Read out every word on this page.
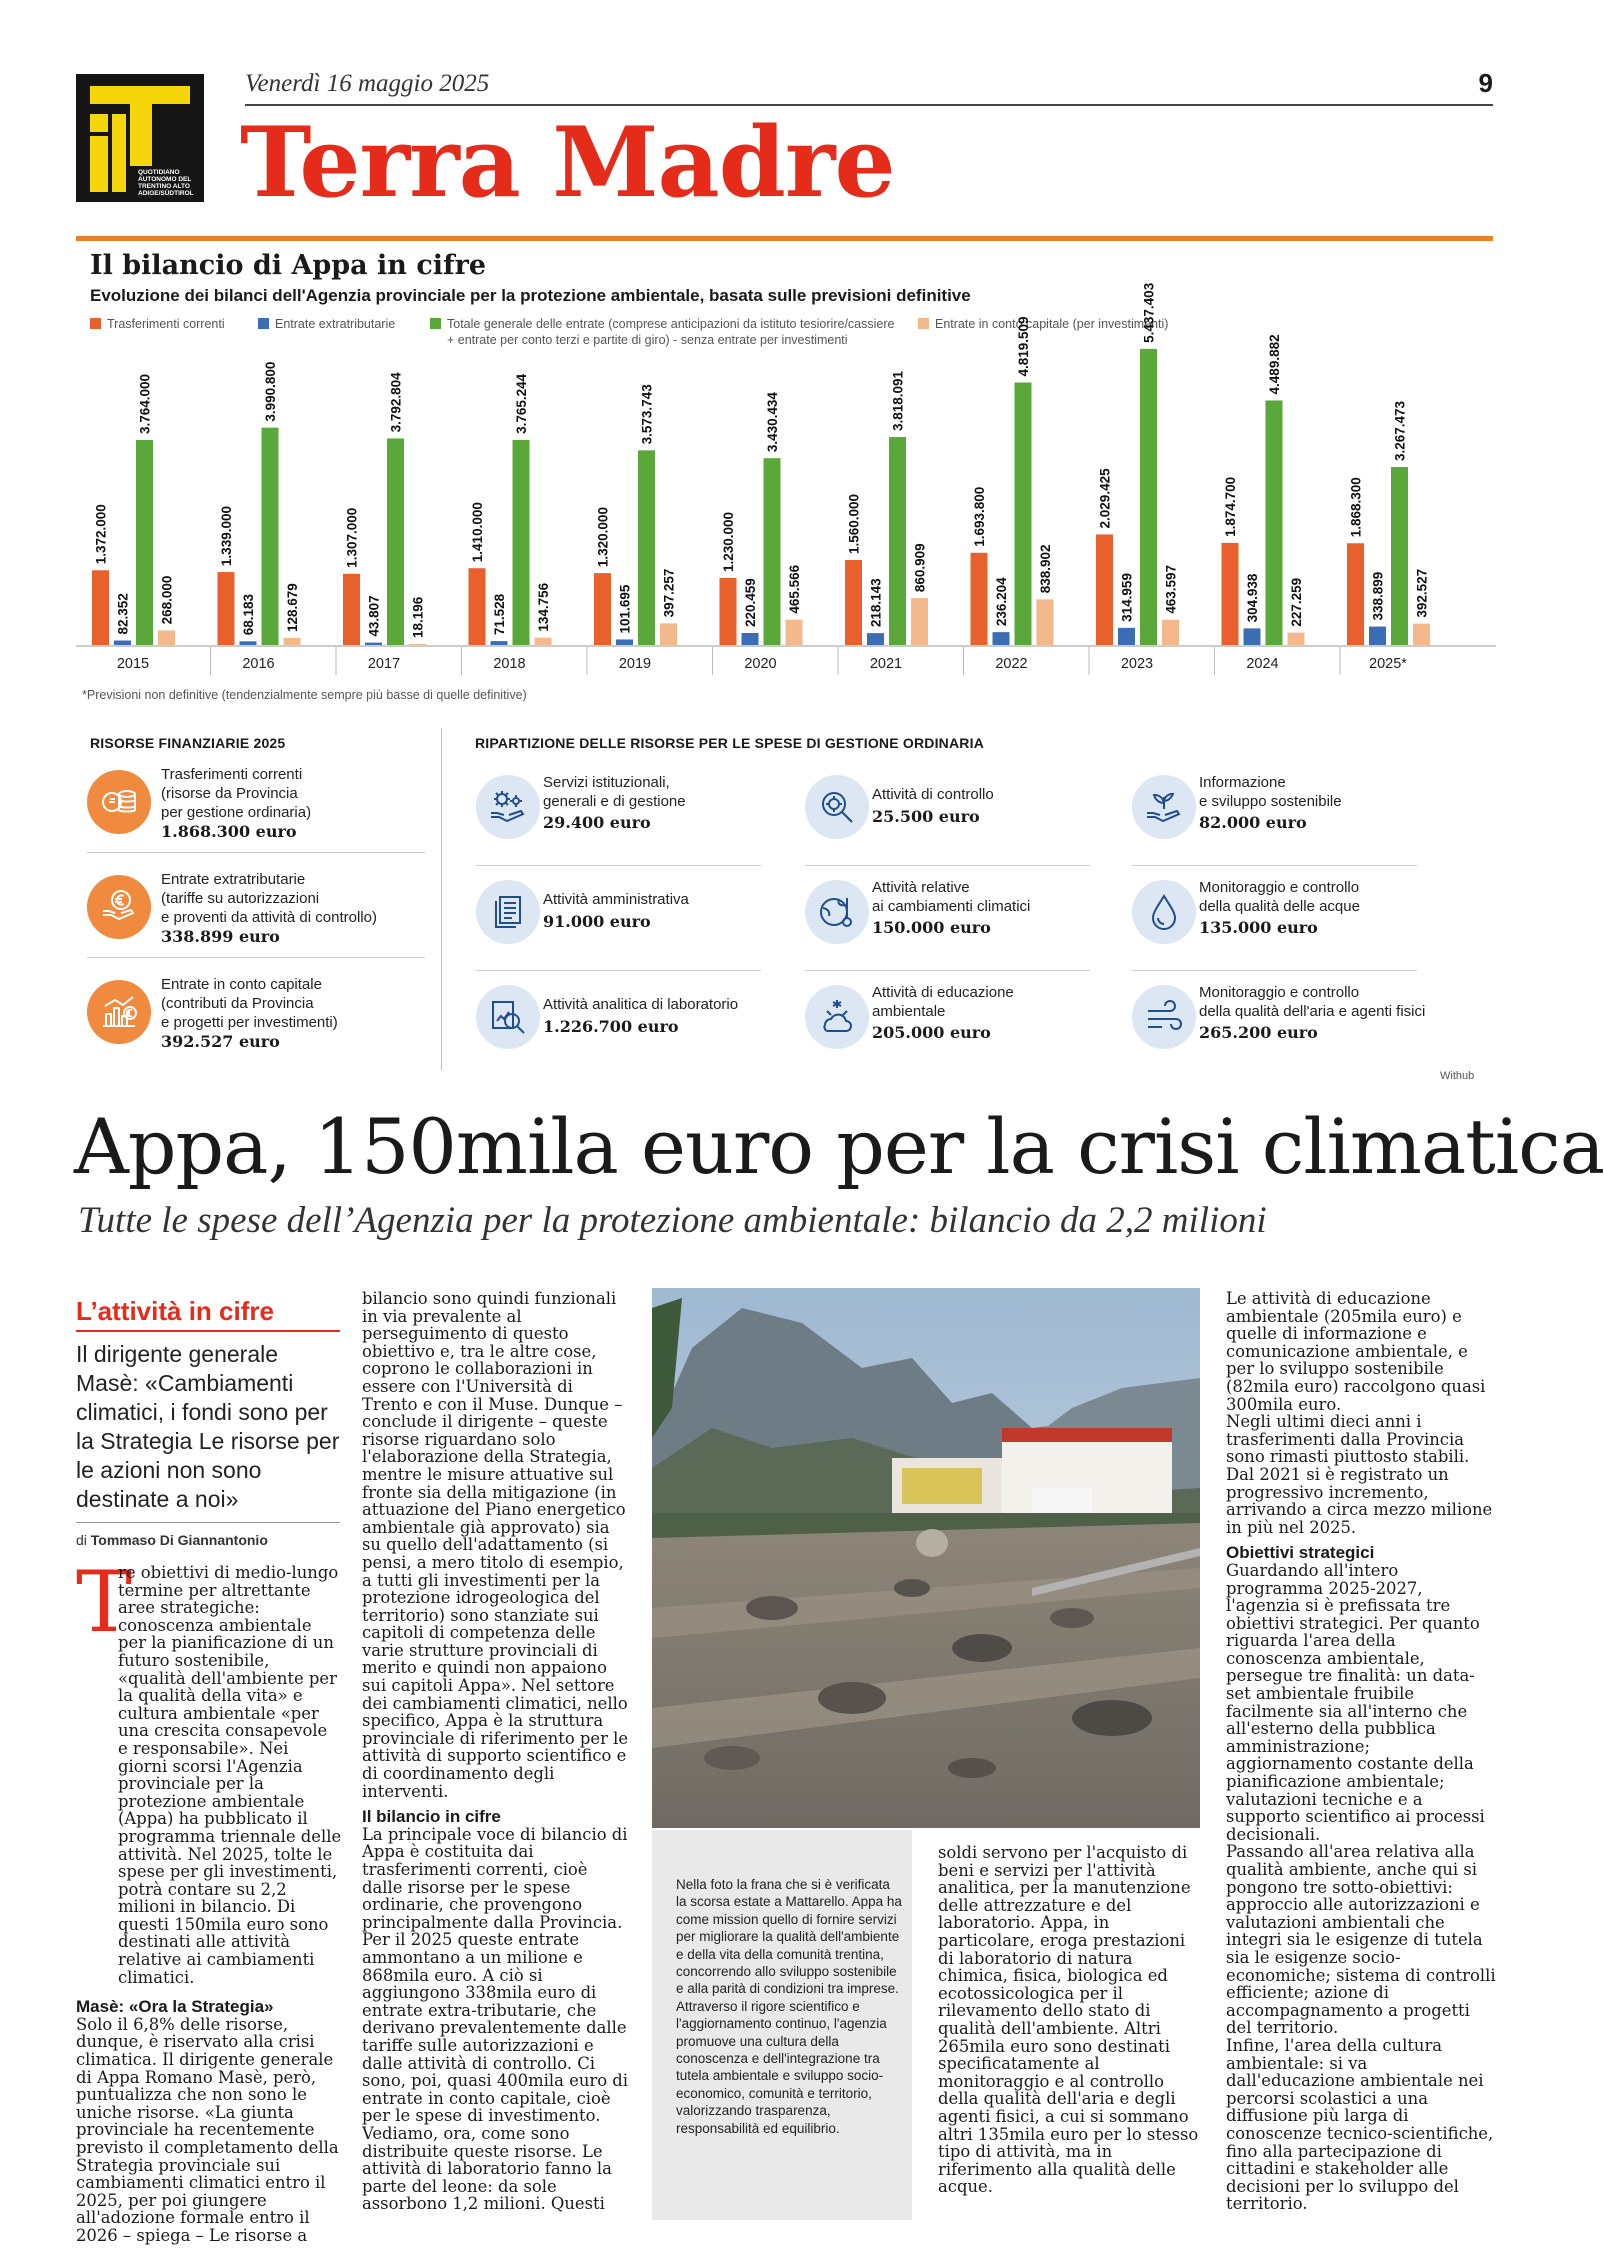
QUOTIDIANO
AUTONOMO DEL
TRENTINO ALTO
ADIGE/SÜDTIROL
Venerdì 16 maggio 2025	9
Terra Madre
Il bilancio di Appa in cifre
Evoluzione dei bilanci dell'Agenzia provinciale per la protezione ambientale, basata sulle previsioni definitive
Trasferimenti correnti	Entrate extratributarie	Totale generale delle entrate (comprese anticipazioni da istituto tesiorire/cassiere
+ entrate per conto terzi e partite di giro) - senza entrate per investimenti
Entrate in conto capitale (per investimenti)
1.372.000
82.352
3.764.000
268.000
2015
1.339.000
68.183
3.990.800
128.679
2016
1.307.000
43.807
3.792.804
18.196
2017
1.410.000
71.528
3.765.244
134.756
2018
1.320.000
101.695
3.573.743
397.257
2019
1.230.000
220.459
3.430.434
465.566
2020
1.560.000
218.143
3.818.091
860.909
2021
1.693.800
236.204
4.819.509
838.902
2022
2.029.425
314.959
5.437.403
463.597
2023
1.874.700
304.938
4.489.882
227.259
2024
1.868.300
338.899
3.267.473
392.527
2025*
*Previsioni non definitive (tendenzialmente sempre più basse di quelle definitive)
RISORSE FINANZIARIE 2025
Trasferimenti correnti
(risorse da Provincia
per gestione ordinaria)
1.868.300 euro
Entrate extratributarie
(tariffe su autorizzazioni
e proventi da attività di controllo)
338.899 euro
Entrate in conto capitale
(contributi da Provincia
e progetti per investimenti)
392.527 euro
RIPARTIZIONE DELLE RISORSE PER LE SPESE DI GESTIONE ORDINARIA
Servizi istituzionali,
generali e di gestione
29.400 euro
Attività di controllo
25.500 euro
Informazione
e sviluppo sostenibile
82.000 euro
Attività amministrativa
91.000 euro
Attività relative
ai cambiamenti climatici
150.000 euro
Monitoraggio e controllo
della qualità delle acque
135.000 euro
Attività analitica di laboratorio
1.226.700 euro
Attività di educazione
ambientale
205.000 euro
Monitoraggio e controllo
della qualità dell'aria e agenti fisici
265.200 euro
Withub
Appa, 150mila euro per la crisi climatica
Tutte le spese dell’Agenzia per la protezione ambientale: bilancio da 2,2 milioni
L’attività in cifre
Il dirigente generale Masè: «Cambiamenti climatici, i fondi sono per la Strategia Le risorse per le azioni non sono destinate a noi»
di Tommaso Di Giannantonio
T

re obiettivi di medio-lungo termine per altrettante aree strategiche: conoscenza ambientale per la pianificazione di un futuro sostenibile, «qualità dell'ambiente per la qualità della vita» e cultura ambientale «per una crescita consapevole e responsabile». Nei giorni scorsi l'Agenzia provinciale per la protezione ambientale (Appa) ha pubblicato il programma triennale delle attività. Nel 2025, tolte le spese per gli investimenti, potrà contare su 2,2 milioni in bilancio. Di questi 150mila euro sono destinati alle attività relative ai cambiamenti climatici.

Masè: «Ora la Strategia»

Solo il 6,8% delle risorse, dunque, è riservato alla crisi climatica. Il dirigente generale di Appa Romano Masè, però, puntualizza che non sono le uniche risorse. «La giunta provinciale ha recentemente previsto il completamento della Strategia provinciale sui cambiamenti climatici entro il 2025, per poi giungere all'adozione formale entro il 2026 – spiega – Le risorse a

bilancio sono quindi funzionali in via prevalente al perseguimento di questo obiettivo e, tra le altre cose, coprono le collaborazioni in essere con l'Università di Trento e con il Muse. Dunque – conclude il dirigente – queste risorse riguardano solo l'elaborazione della Strategia, mentre le misure attuative sul fronte sia della mitigazione (in attuazione del Piano energetico ambientale già approvato) sia su quello dell'adattamento (si pensi, a mero titolo di esempio, a tutti gli investimenti per la protezione idrogeologica del territorio) sono stanziate sui capitoli di competenza delle varie strutture provinciali di merito e quindi non appaiono sui capitoli Appa». Nel settore dei cambiamenti climatici, nello specifico, Appa è la struttura provinciale di riferimento per le attività di supporto scientifico e di coordinamento degli interventi.

Il bilancio in cifre

La principale voce di bilancio di Appa è costituita dai trasferimenti correnti, cioè dalle risorse per le spese ordinarie, che provengono principalmente dalla Provincia. Per il 2025 queste entrate ammontano a un milione e 868mila euro. A ciò si aggiungono 338mila euro di entrate extra-tributarie, che derivano prevalentemente dalle tariffe sulle autorizzazioni e dalle attività di controllo. Ci sono, poi, quasi 400mila euro di entrate in conto capitale, cioè per le spese di investimento.

Vediamo, ora, come sono distribuite queste risorse. Le attività di laboratorio fanno la parte del leone: da sole assorbono 1,2 milioni. Questi

Nella foto la frana che si è verificata la scorsa estate a Mattarello. Appa ha come mission quello di fornire servizi per migliorare la qualità dell'ambiente e della vita della comunità trentina, concorrendo allo sviluppo sostenibile e alla parità di condizioni tra imprese. Attraverso il rigore scientifico e l'aggiornamento continuo, l'agenzia promuove una cultura della conoscenza e dell'integrazione tra tutela ambientale e sviluppo socio-economico, comunità e territorio, valorizzando trasparenza, responsabilità ed equilibrio.

soldi servono per l'acquisto di beni e servizi per l'attività analitica, per la manutenzione delle attrezzature e del laboratorio. Appa, in particolare, eroga prestazioni di laboratorio di natura chimica, fisica, biologica ed ecotossicologica per il rilevamento dello stato di qualità dell'ambiente. Altri 265mila euro sono destinati specificatamente al monitoraggio e al controllo della qualità dell'aria e degli agenti fisici, a cui si sommano altri 135mila euro per lo stesso tipo di attività, ma in riferimento alla qualità delle acque.

Le attività di educazione ambientale (205mila euro) e quelle di informazione e comunicazione ambientale, e per lo sviluppo sostenibile (82mila euro) raccolgono quasi 300mila euro.

Negli ultimi dieci anni i trasferimenti dalla Provincia sono rimasti piuttosto stabili. Dal 2021 si è registrato un progressivo incremento, arrivando a circa mezzo milione in più nel 2025.

Obiettivi strategici

Guardando all'intero programma 2025-2027, l'agenzia si è prefissata tre obiettivi strategici. Per quanto riguarda l'area della conoscenza ambientale, persegue tre finalità: un data-set ambientale fruibile facilmente sia all'interno che all'esterno della pubblica amministrazione; aggiornamento costante della pianificazione ambientale; valutazioni tecniche e a supporto scientifico ai processi decisionali.

Passando all'area relativa alla qualità ambiente, anche qui si pongono tre sotto-obiettivi: approccio alle autorizzazioni e valutazioni ambientali che integri sia le esigenze di tutela sia le esigenze socio-economiche; sistema di controlli efficiente; azione di accompagnamento a progetti del territorio.

Infine, l'area della cultura ambientale: si va dall'educazione ambientale nei percorsi scolastici a una diffusione più larga di conoscenze tecnico-scientifiche, fino alla partecipazione di cittadini e stakeholder alle decisioni per lo sviluppo del territorio.
